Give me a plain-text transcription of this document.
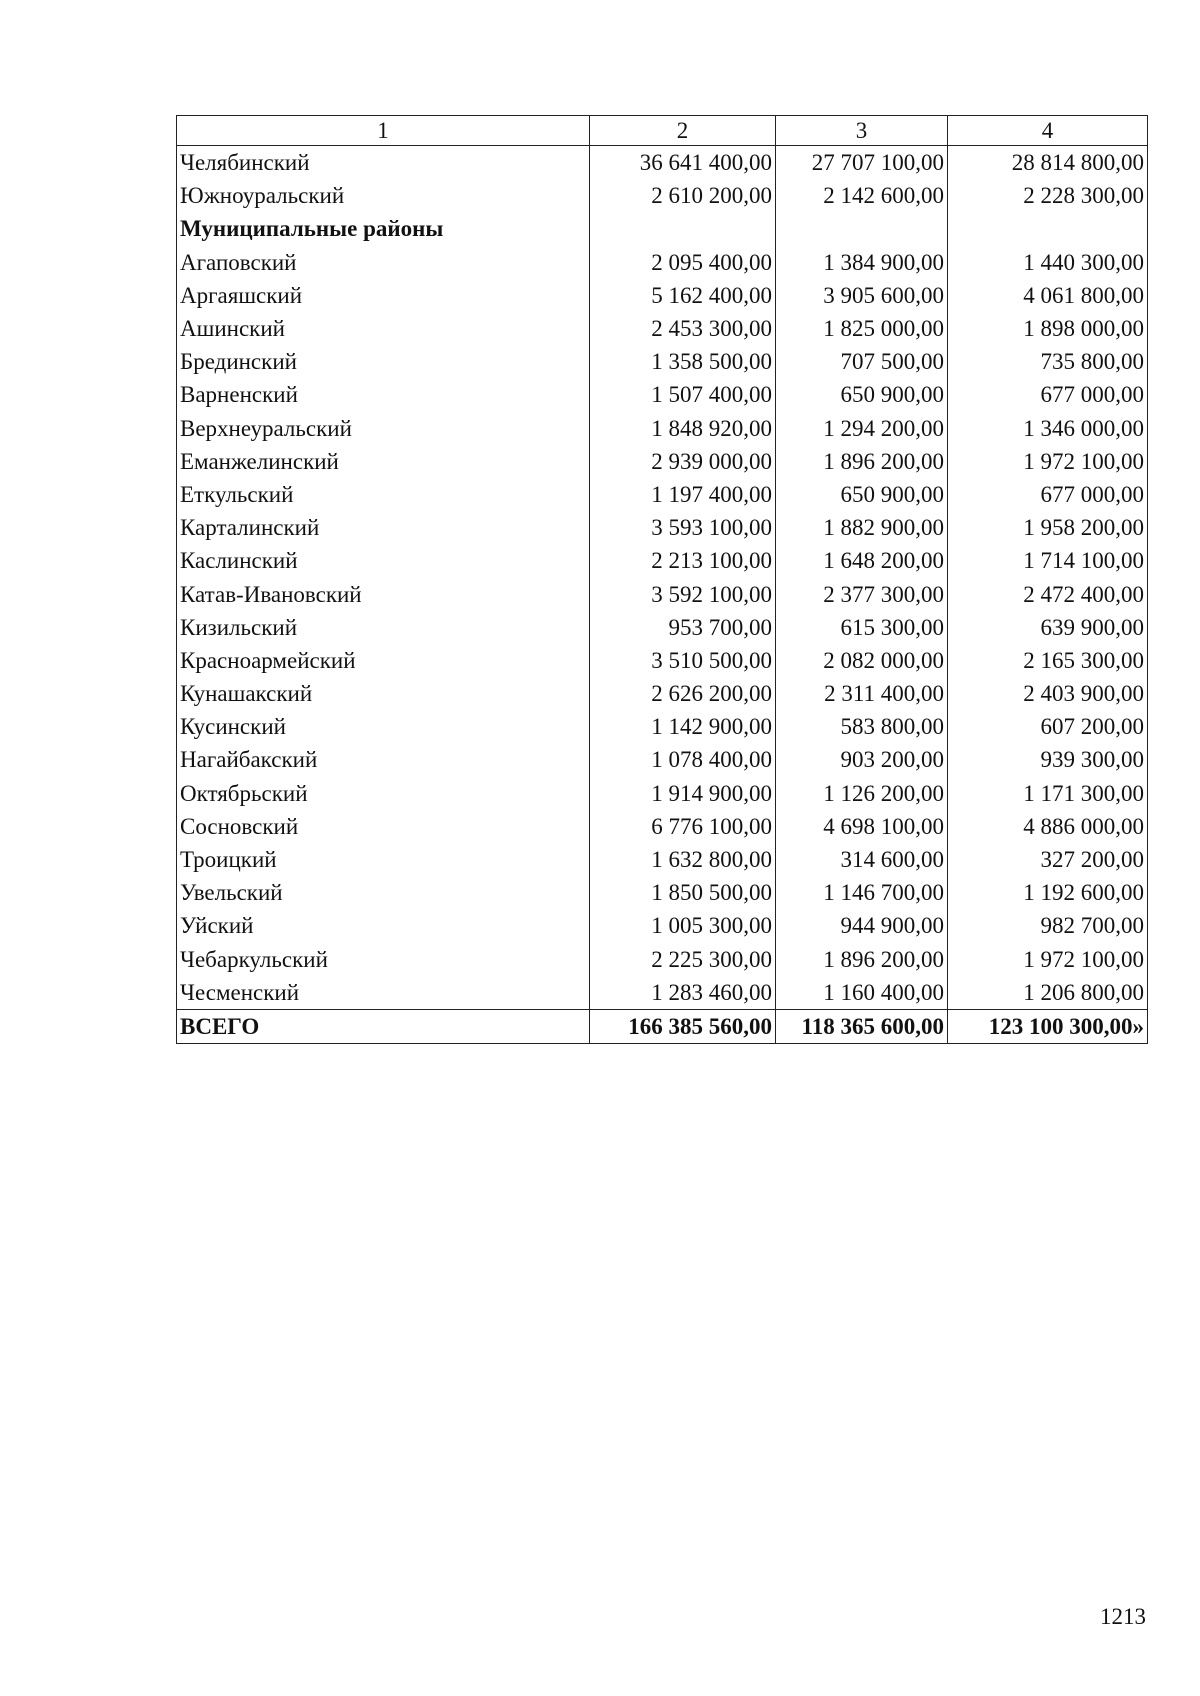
1	2	3	4
Челябинский	36 641 400,00	27 707 100,00	28 814 800,00
Южноуральский	2 610 200,00	2 142 600,00	2 228 300,00
Муниципальные районы			
Агаповский	2 095 400,00	1 384 900,00	1 440 300,00
Аргаяшский	5 162 400,00	3 905 600,00	4 061 800,00
Ашинский	2 453 300,00	1 825 000,00	1 898 000,00
Брединский	1 358 500,00	707 500,00	735 800,00
Варненский	1 507 400,00	650 900,00	677 000,00
Верхнеуральский	1 848 920,00	1 294 200,00	1 346 000,00
Еманжелинский	2 939 000,00	1 896 200,00	1 972 100,00
Еткульский	1 197 400,00	650 900,00	677 000,00
Карталинский	3 593 100,00	1 882 900,00	1 958 200,00
Каслинский	2 213 100,00	1 648 200,00	1 714 100,00
Катав-Ивановский	3 592 100,00	2 377 300,00	2 472 400,00
Кизильский	953 700,00	615 300,00	639 900,00
Красноармейский	3 510 500,00	2 082 000,00	2 165 300,00
Кунашакский	2 626 200,00	2 311 400,00	2 403 900,00
Кусинский	1 142 900,00	583 800,00	607 200,00
Нагайбакский	1 078 400,00	903 200,00	939 300,00
Октябрьский	1 914 900,00	1 126 200,00	1 171 300,00
Сосновский	6 776 100,00	4 698 100,00	4 886 000,00
Троицкий	1 632 800,00	314 600,00	327 200,00
Увельский	1 850 500,00	1 146 700,00	1 192 600,00
Уйский	1 005 300,00	944 900,00	982 700,00
Чебаркульский	2 225 300,00	1 896 200,00	1 972 100,00
Чесменский	1 283 460,00	1 160 400,00	1 206 800,00
ВСЕГО	166 385 560,00	118 365 600,00	123 100 300,00»
1213
